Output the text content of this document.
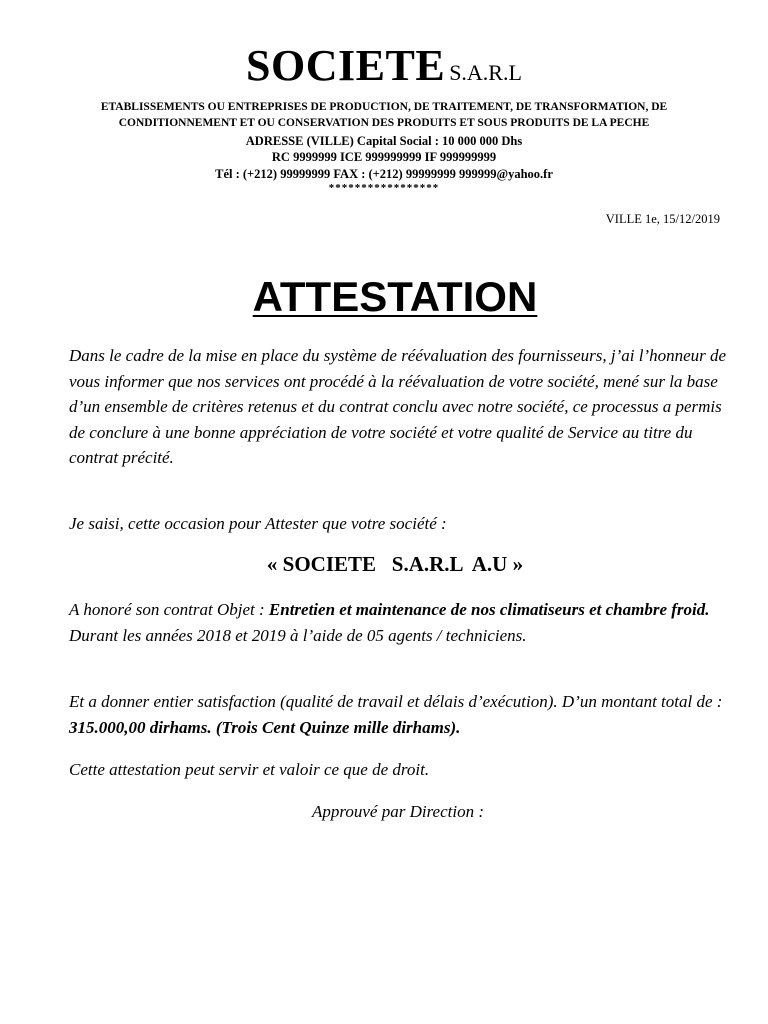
SOCIETE S.A.R.L
ETABLISSEMENTS OU ENTREPRISES DE PRODUCTION, DE TRAITEMENT, DE TRANSFORMATION, DE
CONDITIONNEMENT ET OU CONSERVATION DES PRODUITS ET SOUS PRODUITS DE LA PECHE
ADRESSE (VILLE) Capital Social : 10 000 000 Dhs
RC 9999999 ICE 999999999 IF 999999999
Tél : (+212) 99999999 FAX : (+212) 99999999 999999@yahoo.fr
*****************
VILLE 1e, 15/12/2019
ATTESTATION

Dans le cadre de la mise en place du système de réévaluation des fournisseurs, j’ai l’honneur de vous informer que nos services ont procédé à la réévaluation de votre société, mené sur la base d’un ensemble de critères retenus et du contrat conclu avec notre société, ce processus a permis de conclure à une bonne appréciation de votre société et votre qualité de Service au titre du contrat précité.

Je saisi, cette occasion pour Attester que votre société :

« SOCIETE   S.A.R.L  A.U »

A honoré son contrat Objet : Entretien et maintenance de nos climatiseurs et chambre froid. Durant les années 2018 et 2019 à l’aide de 05 agents / techniciens.

Et a donner entier satisfaction (qualité de travail et délais d’exécution). D’un montant total de : 315.000,00 dirhams. (Trois Cent Quinze mille dirhams).

Cette attestation peut servir et valoir ce que de droit.

Approuvé par Direction :
